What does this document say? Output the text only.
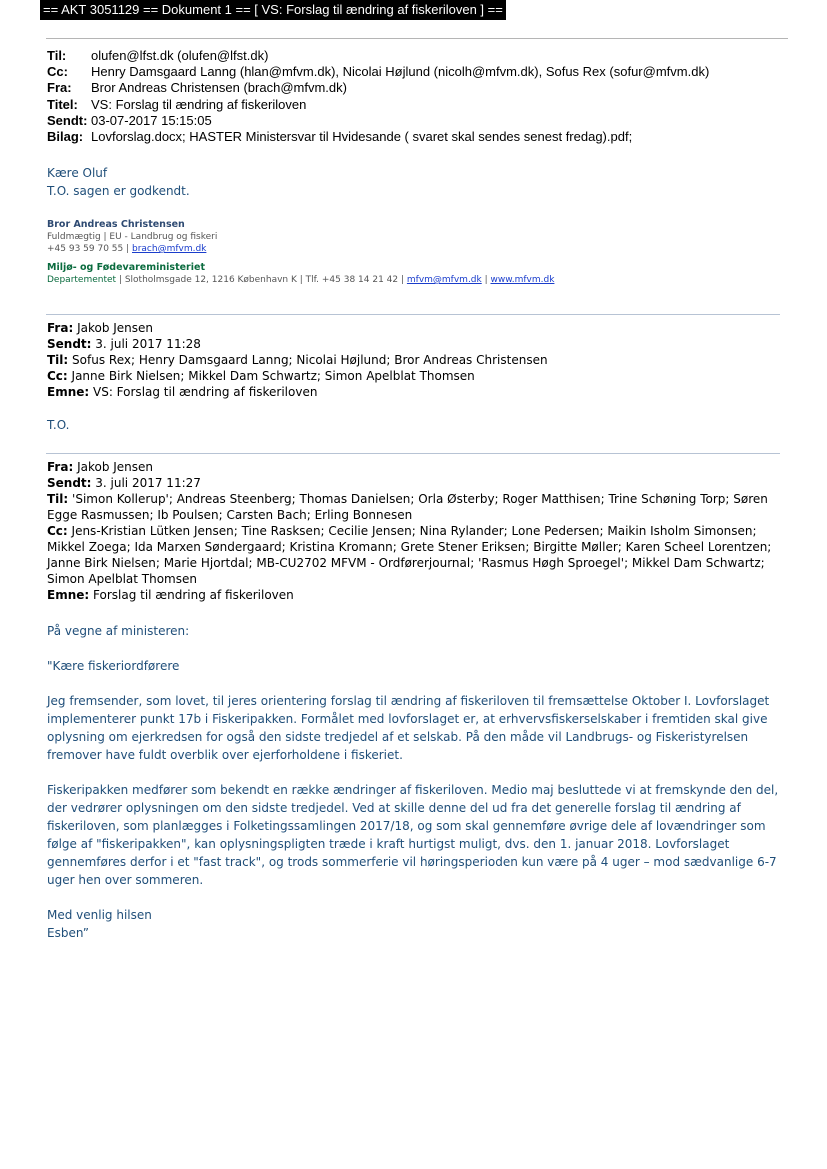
== AKT 3051129 == Dokument 1 == [ VS: Forslag til ændring af fiskeriloven ] ==
Til: olufen@lfst.dk (olufen@lfst.dk)
Cc: Henry Damsgaard Lanng (hlan@mfvm.dk), Nicolai Højlund (nicolh@mfvm.dk), Sofus Rex (sofur@mfvm.dk)
Fra: Bror Andreas Christensen (brach@mfvm.dk)
Titel: VS: Forslag til ændring af fiskeriloven
Sendt: 03-07-2017 15:15:05
Bilag: Lovforslag.docx; HASTER Ministersvar til Hvidesande ( svaret skal sendes senest fredag).pdf;
Kære Oluf
T.O. sagen er godkendt.
Bror Andreas Christensen
Fuldmægtig | EU - Landbrug og fiskeri
+45 93 59 70 55 | brach@mfvm.dk
Miljø- og Fødevareministeriet
Departementet | Slotholmsgade 12, 1216 København K | Tlf. +45 38 14 21 42 | mfvm@mfvm.dk | www.mfvm.dk
Fra: Jakob Jensen
Sendt: 3. juli 2017 11:28
Til: Sofus Rex; Henry Damsgaard Lanng; Nicolai Højlund; Bror Andreas Christensen
Cc: Janne Birk Nielsen; Mikkel Dam Schwartz; Simon Apelblat Thomsen
Emne: VS: Forslag til ændring af fiskeriloven
T.O.
Fra: Jakob Jensen
Sendt: 3. juli 2017 11:27
Til: 'Simon Kollerup'; Andreas Steenberg; Thomas Danielsen; Orla Østerby; Roger Matthisen; Trine Schøning Torp; Søren Egge Rasmussen; Ib Poulsen; Carsten Bach; Erling Bonnesen
Cc: Jens-Kristian Lütken Jensen; Tine Rasksen; Cecilie Jensen; Nina Rylander; Lone Pedersen; Maikin Isholm Simonsen; Mikkel Zoega; Ida Marxen Søndergaard; Kristina Kromann; Grete Stener Eriksen; Birgitte Møller; Karen Scheel Lorentzen; Janne Birk Nielsen; Marie Hjortdal; MB-CU2702 MFVM - Ordførerjournal; 'Rasmus Høgh Sproegel'; Mikkel Dam Schwartz; Simon Apelblat Thomsen
Emne: Forslag til ændring af fiskeriloven

På vegne af ministeren:

"Kære fiskeriordførere

Jeg fremsender, som lovet, til jeres orientering forslag til ændring af fiskeriloven til fremsættelse Oktober I. Lovforslaget implementerer punkt 17b i Fiskeripakken. Formålet med lovforslaget er, at erhvervsfiskerselskaber i fremtiden skal give oplysning om ejerkredsen for også den sidste tredjedel af et selskab. På den måde vil Landbrugs- og Fiskeristyrelsen fremover have fuldt overblik over ejerforholdene i fiskeriet.

Fiskeripakken medfører som bekendt en række ændringer af fiskeriloven. Medio maj besluttede vi at fremskynde den del, der vedrører oplysningen om den sidste tredjedel. Ved at skille denne del ud fra det generelle forslag til ændring af fiskeriloven, som planlægges i Folketingssamlingen 2017/18, og som skal gennemføre øvrige dele af lovændringer som følge af "fiskeripakken", kan oplysningspligten træde i kraft hurtigst muligt, dvs. den 1. januar 2018. Lovforslaget gennemføres derfor i et "fast track", og trods sommerferie vil høringsperioden kun være på 4 uger – mod sædvanlige 6-7 uger hen over sommeren.

Med venlig hilsen
Esben”
